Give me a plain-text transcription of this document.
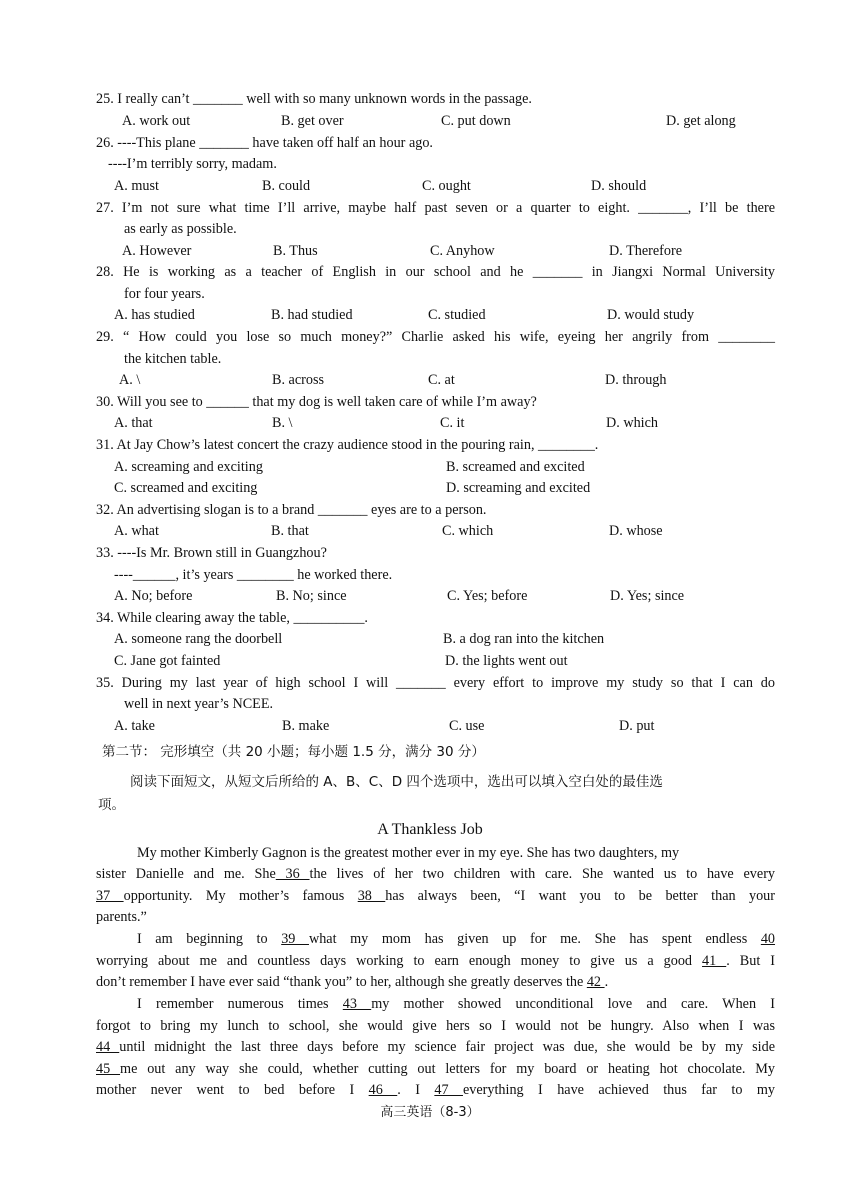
25. I really can’t _______ well with so many unknown words in the passage.
A. work out	B. get over	C. put down	D. get along
26. ----This plane _______ have taken off half an hour ago.
----I’m terribly sorry, madam.
A. must	B. could	C. ought	D. should
27. I’m not sure what time I’ll arrive, maybe half past seven or a quarter to eight. _______, I’ll be there
as early as possible.
A. However	B. Thus	C. Anyhow	D. Therefore
28. He is working as a teacher of English in our school and he _______ in Jiangxi Normal University
for four years.
A. has studied	B. had studied	C. studied	D. would study
29. “ How could you lose so much money?” Charlie asked his wife, eyeing her angrily from ________
the kitchen table.
A. \	B. across	C. at	D. through
30. Will you see to ______ that my dog is well taken care of while I’m away?
A. that	B. \	C. it	D. which
31. At Jay Chow’s latest concert the crazy audience stood in the pouring rain, ________.
A. screaming and exciting	B. screamed and excited
C. screamed and exciting	D. screaming and excited
32. An advertising slogan is to a brand _______ eyes are to a person.
A. what	B. that	C. which	D. whose
33. ----Is Mr. Brown still in Guangzhou?
----______, it’s years ________ he worked there.
A. No; before	B. No; since	C. Yes; before	D. Yes; since
34. While clearing away the table, __________.
A. someone rang the doorbell	B. a dog ran into the kitchen
C. Jane got fainted	D. the lights went out
35. During my last year of high school I will _______ every effort to improve my study so that I can do
well in next year’s NCEE.
A. take	B. make	C. use	D. put
第二节： 完形填空（共 20 小题；每小题 1.5 分，满分 30 分）
阅读下面短文，从短文后所给的 A、B、C、D 四个选项中，选出可以填入空白处的最佳选
项。
A Thankless Job
My mother Kimberly Gagnon is the greatest mother ever in my eye. She has two daughters, my
sister Danielle and me. She 36 the lives of her two children with care. She wanted us to have every
37 opportunity. My mother’s famous 38 has always been, “I want you to be better than your
parents.”
I am beginning to 39 what my mom has given up for me. She has spent endless 40
worrying about me and countless days working to earn enough money to give us a good 41 . But I
don’t remember I have ever said “thank you” to her, although she greatly deserves the 42 .
I remember numerous times 43 my mother showed unconditional love and care. When I
forgot to bring my lunch to school, she would give hers so I would not be hungry. Also when I was
44 until midnight the last three days before my science fair project was due, she would be by my side
45 me out any way she could, whether cutting out letters for my board or heating hot chocolate. My
mother never went to bed before I 46 . I 47 everything I have achieved thus far to my
高三英语（8-3）
